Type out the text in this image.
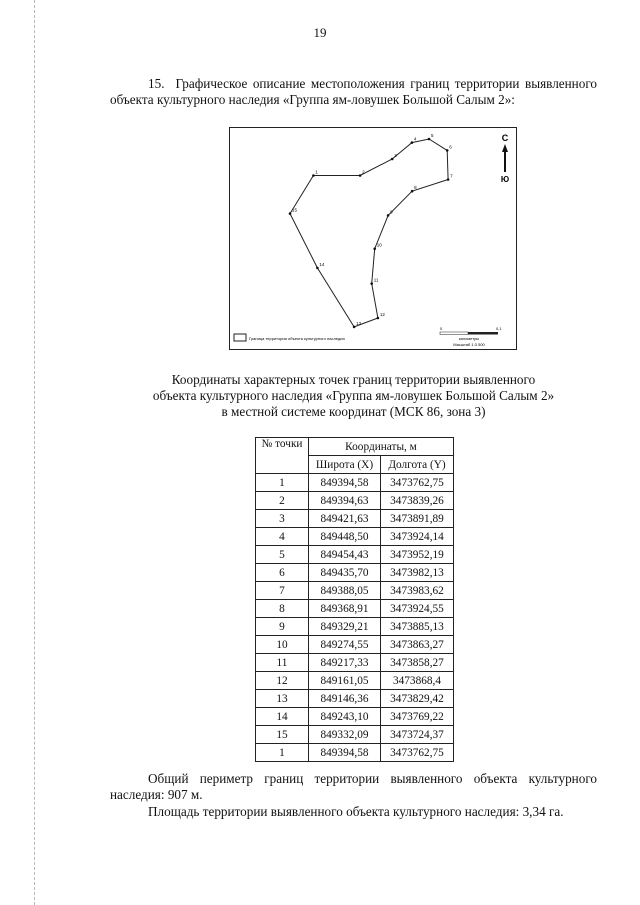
19
15. Графическое описание местоположения границ территории выявленного объекта культурного наследия «Группа ям-ловушек Большой Салым 2»:
1	2
3
4
5
6
7
8
9
10
11
12
13
14
15
С
Ю
Граница территории объекта культурного наследия
0	0,1
километры
Масштаб 1:3 500
Координаты характерных точек границ территории выявленного
объекта культурного наследия «Группа ям-ловушек Большой Салым 2»
в местной системе координат (МСК 86, зона 3)
№ точки	Координаты, м	
	Широта (X)	Долгота (Y)
1	849394,58	3473762,75
2	849394,63	3473839,26
3	849421,63	3473891,89
4	849448,50	3473924,14
5	849454,43	3473952,19
6	849435,70	3473982,13
7	849388,05	3473983,62
8	849368,91	3473924,55
9	849329,21	3473885,13
10	849274,55	3473863,27
11	849217,33	3473858,27
12	849161,05	3473868,4
13	849146,36	3473829,42
14	849243,10	3473769,22
15	849332,09	3473724,37
1	849394,58	3473762,75
Общий периметр границ территории выявленного объекта культурного наследия: 907 м.
Площадь территории выявленного объекта культурного наследия: 3,34 га.
